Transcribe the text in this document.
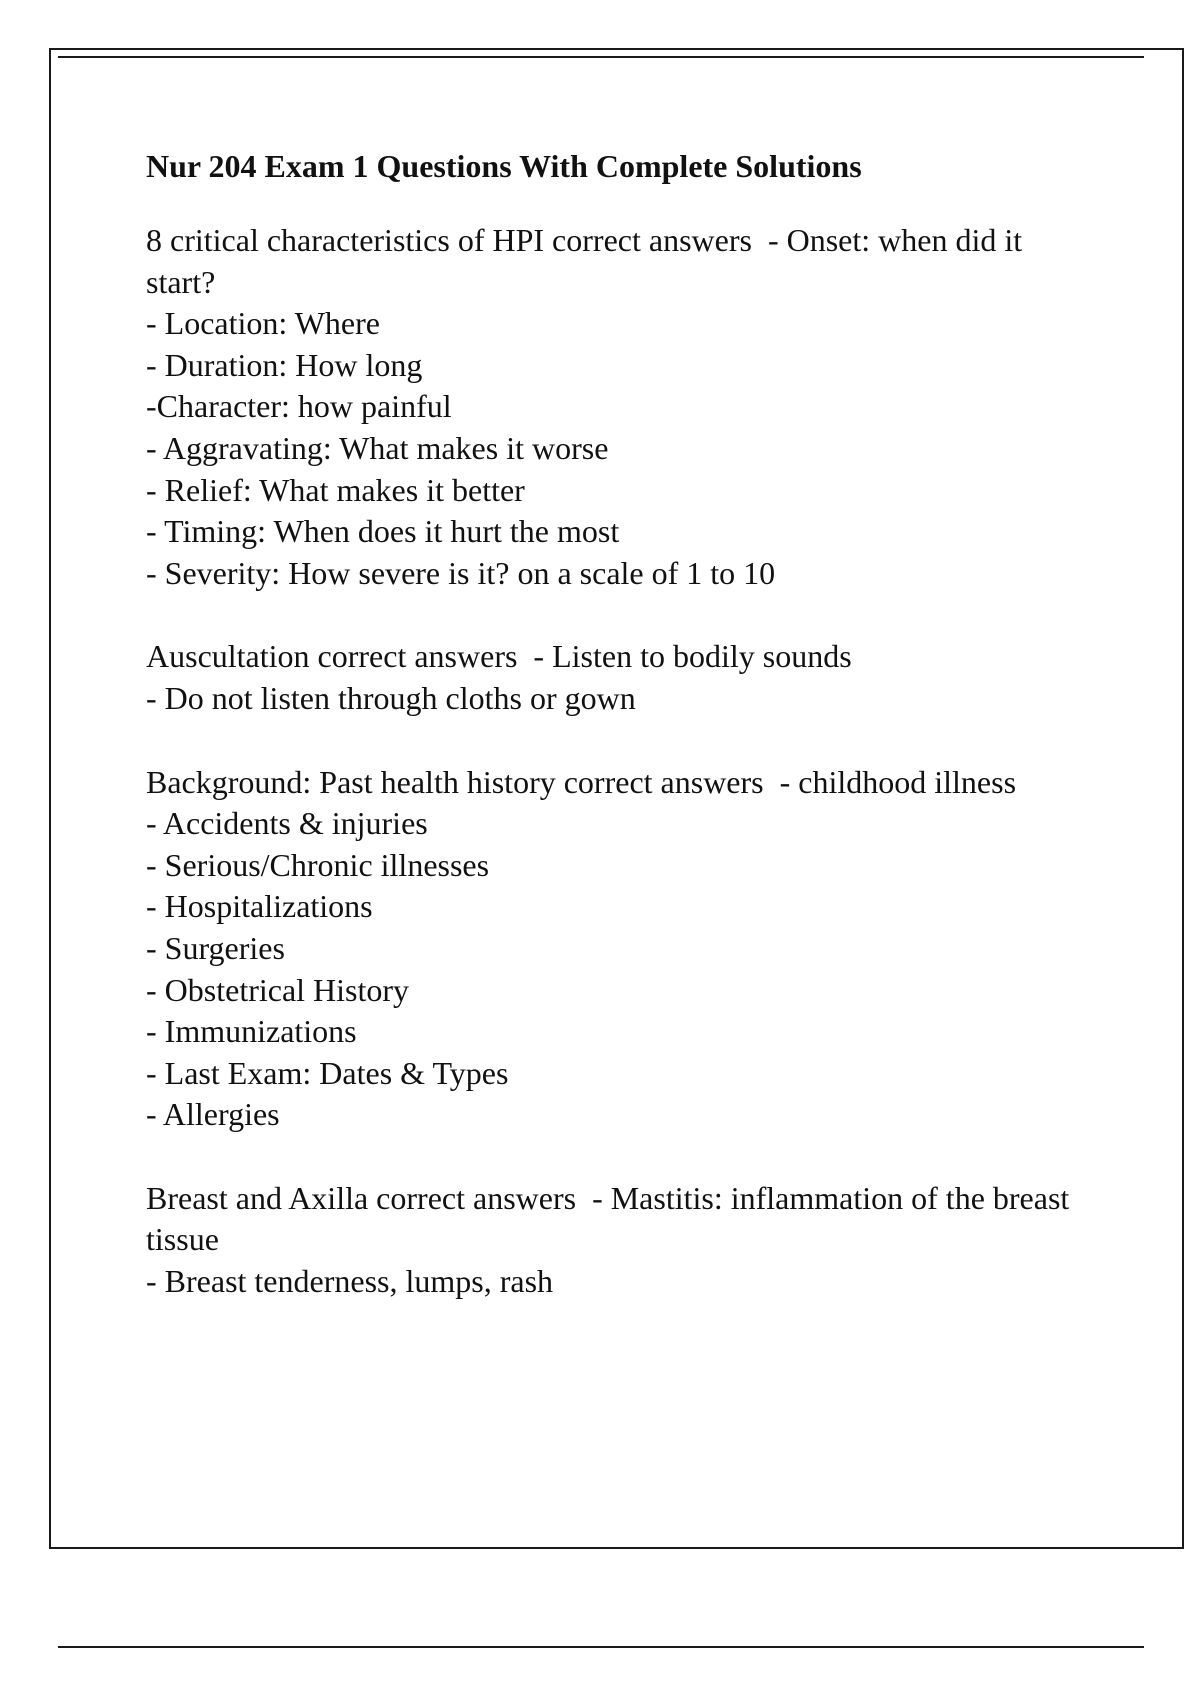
Nur 204 Exam 1 Questions With Complete Solutions
8 critical characteristics of HPI correct answers - Onset: when did it start?
- Location: Where
- Duration: How long
-Character: how painful
- Aggravating: What makes it worse
- Relief: What makes it better
- Timing: When does it hurt the most
- Severity: How severe is it? on a scale of 1 to 10
Auscultation correct answers - Listen to bodily sounds
- Do not listen through cloths or gown
Background: Past health history correct answers - childhood illness
- Accidents & injuries
- Serious/Chronic illnesses
- Hospitalizations
- Surgeries
- Obstetrical History
- Immunizations
- Last Exam: Dates & Types
- Allergies
Breast and Axilla correct answers - Mastitis: inflammation of the breast tissue
- Breast tenderness, lumps, rash
